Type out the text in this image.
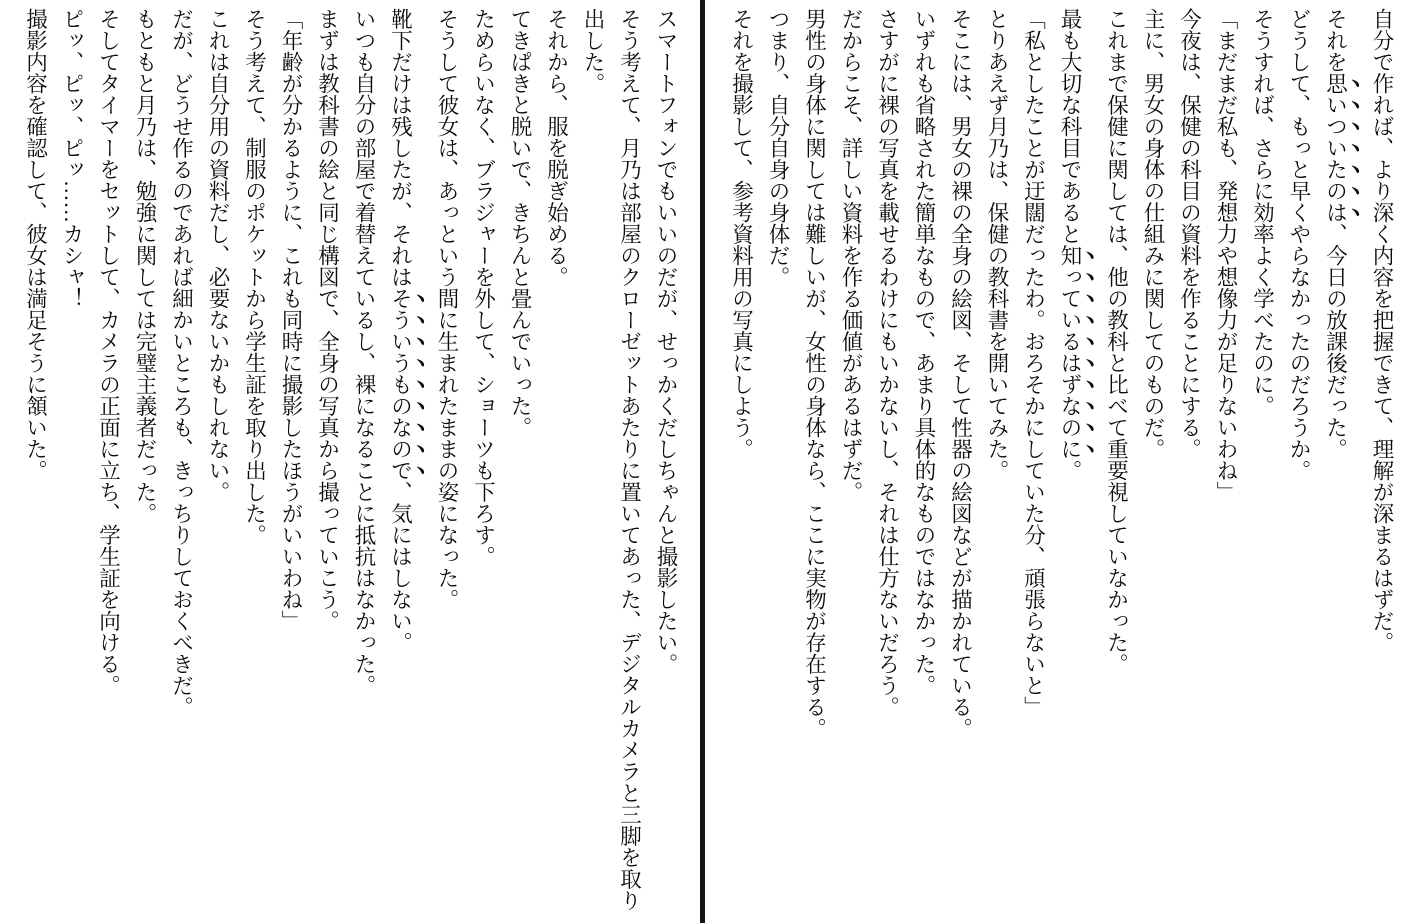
自分で作れば、より深く内容を把握できて、理解が深まるはずだ。

それを思いついたのは、今日の放課後だった。

どうして、もっと早くやらなかったのだろうか。

そうすれば、さらに効率よく学べたのに。

「まだまだ私も、発想力や想像力が足りないわね」

今夜は、保健の科目の資料を作ることにする。

主に、男女の身体の仕組みに関してのものだ。

これまで保健に関しては、他の教科と比べて重要視していなかった。

最も大切な科目であると知っているはずなのに。

「私としたことが迂闊だったわ。おろそかにしていた分、頑張らないと」

とりあえず月乃は、保健の教科書を開いてみた。

そこには、男女の裸の全身の絵図、そして性器の絵図などが描かれている。

いずれも省略された簡単なもので、あまり具体的なものではなかった。

さすがに裸の写真を載せるわけにもいかないし、それは仕方ないだろう。

だからこそ、詳しい資料を作る価値があるはずだ。

男性の身体に関しては難しいが、女性の身体なら、ここに実物が存在する。

つまり、自分自身の身体だ。

それを撮影して、参考資料用の写真にしよう。

スマートフォンでもいいのだが、せっかくだしちゃんと撮影したい。

そう考えて、月乃は部屋のクローゼットあたりに置いてあった、デジタルカメラと三脚を取り出した。

それから、服を脱ぎ始める。

てきぱきと脱いで、きちんと畳んでいった。

ためらいなく、ブラジャーを外して、ショーツも下ろす。

そうして彼女は、あっという間に生まれたままの姿になった。

靴下だけは残したが、それはそういうものなので、気にはしない。

いつも自分の部屋で着替えているし、裸になることに抵抗はなかった。

まずは教科書の絵と同じ構図で、全身の写真から撮っていこう。

「年齢が分かるように、これも同時に撮影したほうがいいわね」

そう考えて、制服のポケットから学生証を取り出した。

これは自分用の資料だし、必要ないかもしれない。

だが、どうせ作るのであれば細かいところも、きっちりしておくべきだ。

もともと月乃は、勉強に関しては完璧主義者だった。

そしてタイマーをセットして、カメラの正面に立ち、学生証を向ける。

ピッ、ピッ、ピッ……カシャ！

撮影内容を確認して、彼女は満足そうに頷いた。
